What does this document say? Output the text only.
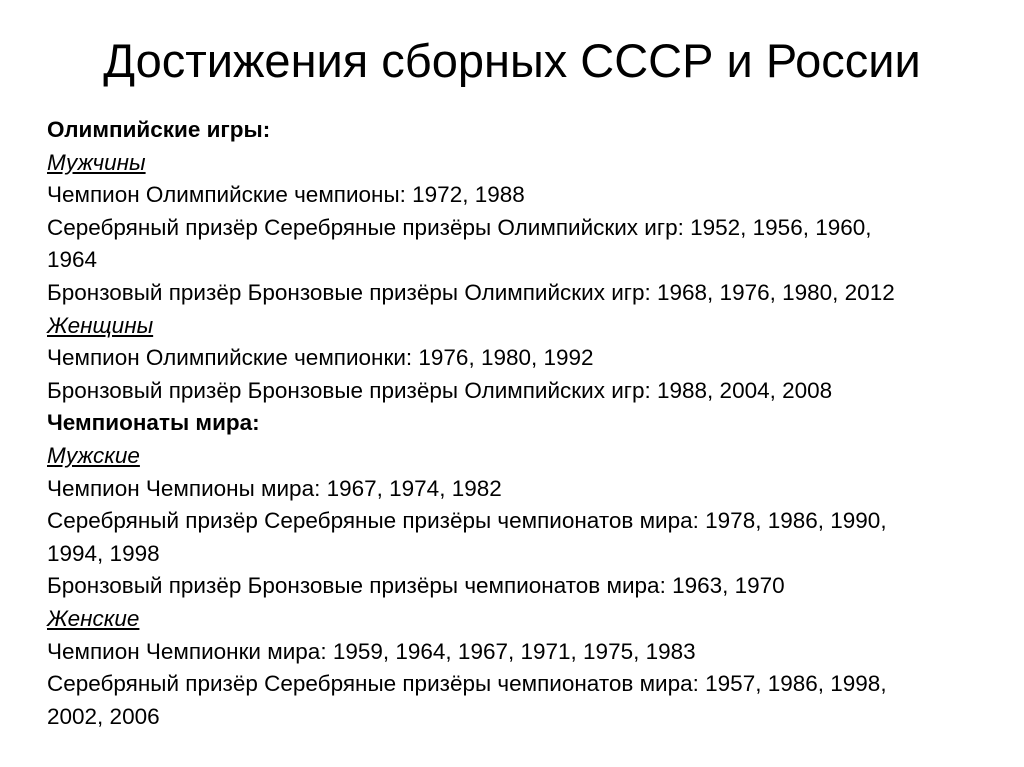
Достижения сборных СССР и России

Олимпийские игры:

Мужчины

Чемпион Олимпийские чемпионы: 1972, 1988

Серебряный призёр Серебряные призёры Олимпийских игр: 1952, 1956, 1960,

1964

Бронзовый призёр Бронзовые призёры Олимпийских игр: 1968, 1976, 1980, 2012

Женщины

Чемпион Олимпийские чемпионки: 1976, 1980, 1992

Бронзовый призёр Бронзовые призёры Олимпийских игр: 1988, 2004, 2008

Чемпионаты мира:

Мужские

Чемпион Чемпионы мира: 1967, 1974, 1982

Серебряный призёр Серебряные призёры чемпионатов мира: 1978, 1986, 1990,

1994, 1998

Бронзовый призёр Бронзовые призёры чемпионатов мира: 1963, 1970

Женские

Чемпион Чемпионки мира: 1959, 1964, 1967, 1971, 1975, 1983

Серебряный призёр Серебряные призёры чемпионатов мира: 1957, 1986, 1998,

2002, 2006
